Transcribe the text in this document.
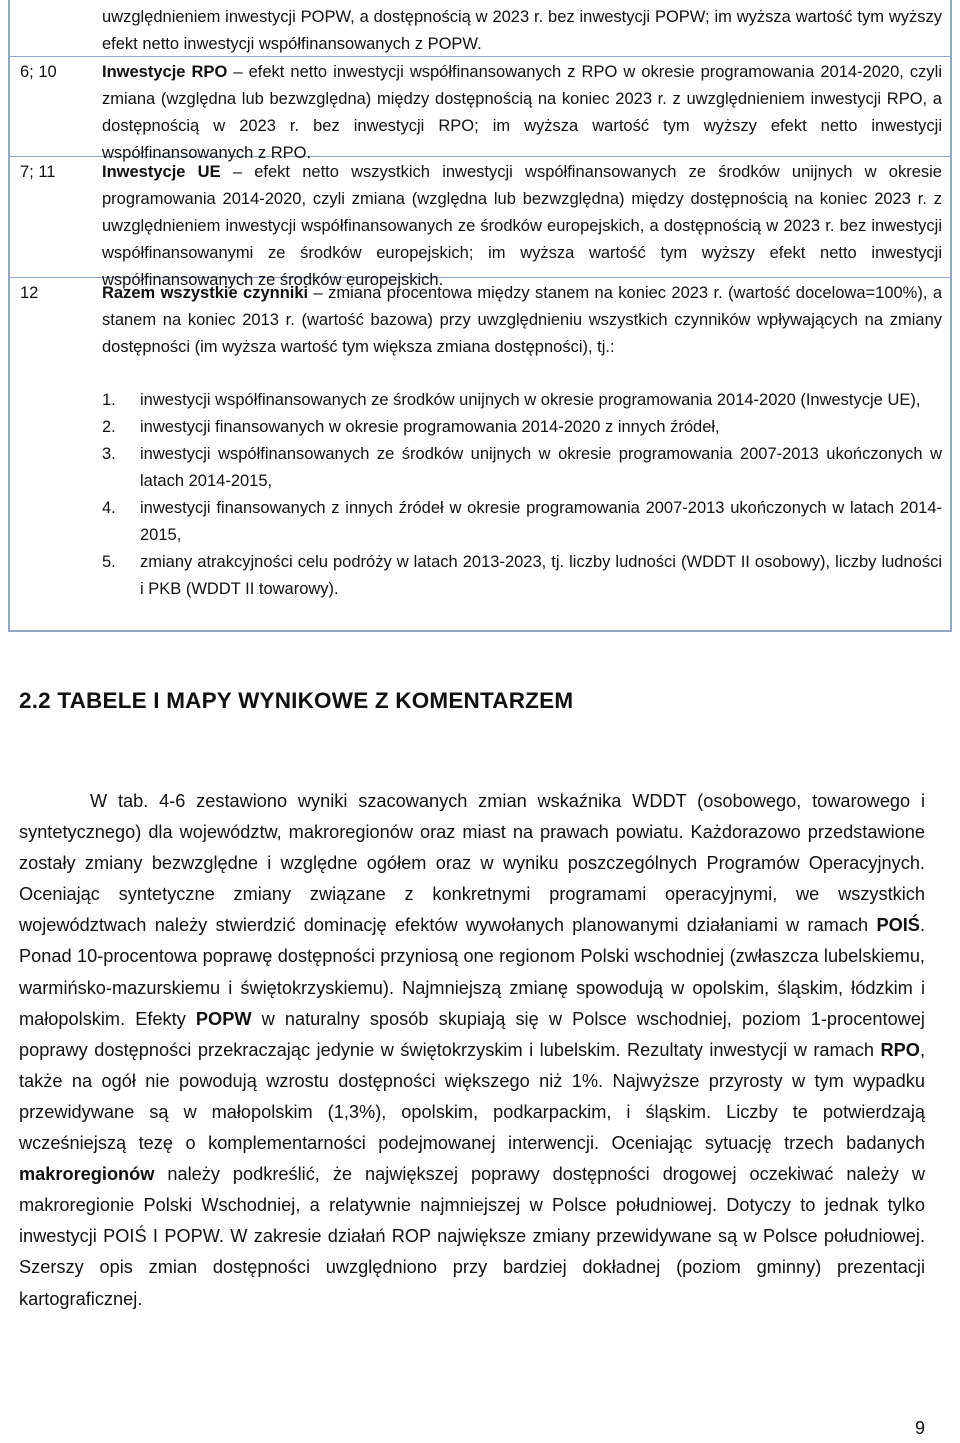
uwzględnieniem inwestycji POPW, a dostępnością w 2023 r. bez inwestycji POPW; im wyższa wartość tym wyższy efekt netto inwestycji współfinansowanych z POPW.
6; 10	Inwestycje RPO – efekt netto inwestycji współfinansowanych z RPO w okresie programowania 2014-2020, czyli zmiana (względna lub bezwzględna) między dostępnością na koniec 2023 r. z uwzględnieniem inwestycji RPO, a dostępnością w 2023 r. bez inwestycji RPO; im wyższa wartość tym wyższy efekt netto inwestycji współfinansowanych z RPO.
7; 11	Inwestycje UE – efekt netto wszystkich inwestycji współfinansowanych ze środków unijnych w okresie programowania 2014-2020, czyli zmiana (względna lub bezwzględna) między dostępnością na koniec 2023 r. z uwzględnieniem inwestycji współfinansowanych ze środków europejskich, a dostępnością w 2023 r. bez inwestycji współfinansowanymi ze środków europejskich; im wyższa wartość tym wyższy efekt netto inwestycji współfinansowanych ze środków europejskich.
12	Razem wszystkie czynniki – zmiana procentowa między stanem na koniec 2023 r. (wartość docelowa=100%), a stanem na koniec 2013 r. (wartość bazowa) przy uwzględnieniu wszystkich czynników wpływających na zmiany dostępności (im wyższa wartość tym większa zmiana dostępności), tj.:
1. inwestycji współfinansowanych ze środków unijnych w okresie programowania 2014-2020 (Inwestycje UE),
2. inwestycji finansowanych w okresie programowania 2014-2020 z innych źródeł,
3. inwestycji współfinansowanych ze środków unijnych w okresie programowania 2007-2013 ukończonych w latach 2014-2015,
4. inwestycji finansowanych z innych źródeł w okresie programowania 2007-2013 ukończonych w latach 2014-2015,
5. zmiany atrakcyjności celu podróży w latach 2013-2023, tj. liczby ludności (WDDT II osobowy), liczby ludności i PKB (WDDT II towarowy).
2.2 TABELE I MAPY WYNIKOWE Z KOMENTARZEM

W tab. 4-6 zestawiono wyniki szacowanych zmian wskaźnika WDDT (osobowego, towarowego i syntetycznego) dla województw, makroregionów oraz miast na prawach powiatu. Każdorazowo przedstawione zostały zmiany bezwzględne i względne ogółem oraz w wyniku poszczególnych Programów Operacyjnych. Oceniając syntetyczne zmiany związane z konkretnymi programami operacyjnymi, we wszystkich województwach należy stwierdzić dominację efektów wywołanych planowanymi działaniami w ramach POIŚ. Ponad 10-procentowa poprawę dostępności przyniosą one regionom Polski wschodniej (zwłaszcza lubelskiemu, warmińsko-mazurskiemu i świętokrzyskiemu). Najmniejszą zmianę spowodują w opolskim, śląskim, łódzkim i małopolskim. Efekty POPW w naturalny sposób skupiają się w Polsce wschodniej, poziom 1-procentowej poprawy dostępności przekraczając jedynie w świętokrzyskim i lubelskim. Rezultaty inwestycji w ramach RPO, także na ogół nie powodują wzrostu dostępności większego niż 1%. Najwyższe przyrosty w tym wypadku przewidywane są w małopolskim (1,3%), opolskim, podkarpackim, i śląskim. Liczby te potwierdzają wcześniejszą tezę o komplementarności podejmowanej interwencji. Oceniając sytuację trzech badanych makroregionów należy podkreślić, że największej poprawy dostępności drogowej oczekiwać należy w makroregionie Polski Wschodniej, a relatywnie najmniejszej w Polsce południowej. Dotyczy to jednak tylko inwestycji POIŚ I POPW. W zakresie działań ROP największe zmiany przewidywane są w Polsce południowej. Szerszy opis zmian dostępności uwzględniono przy bardziej dokładnej (poziom gminny) prezentacji kartograficznej.

9
